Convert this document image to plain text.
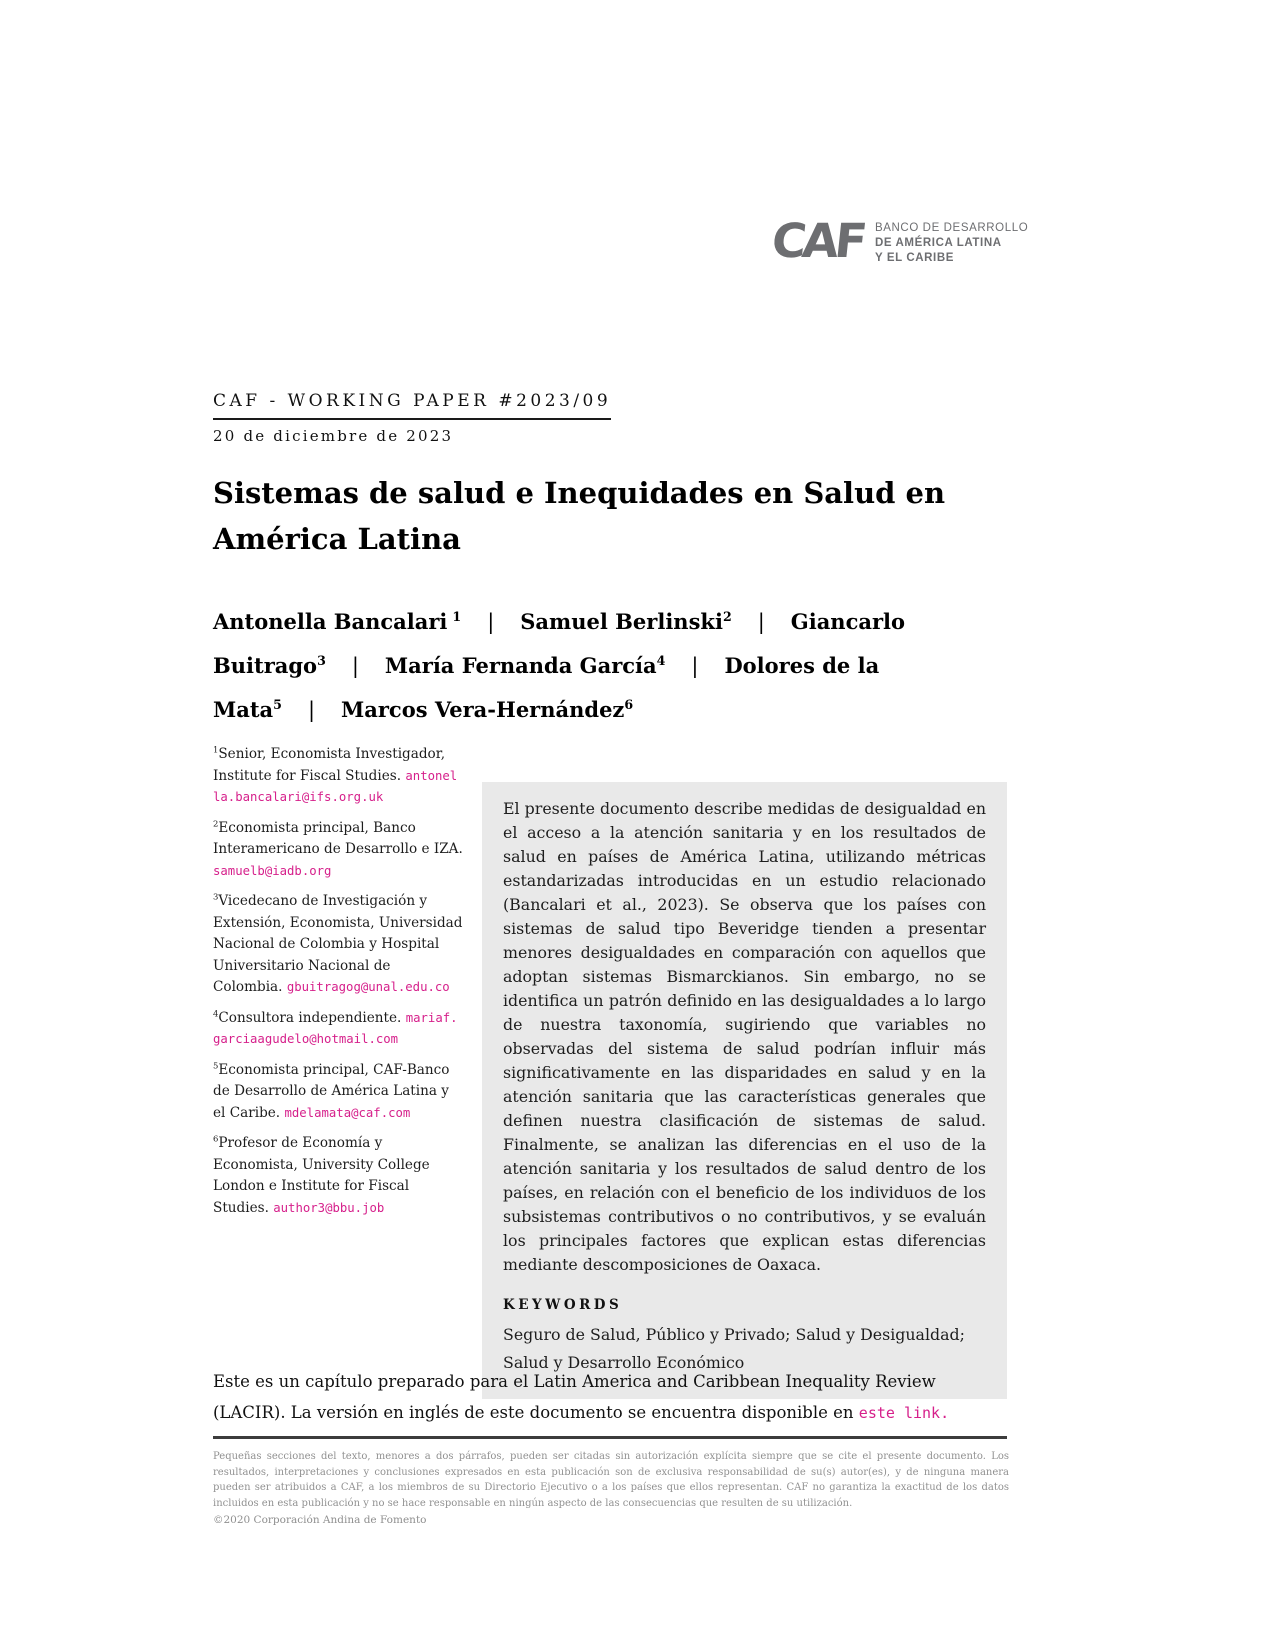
CAF BANCO DE DESARROLLO
DE AMÉRICA LATINA
Y EL CARIBE
CAF - WORKING PAPER #2023/09
20 de diciembre de 2023
Sistemas de salud e Inequidades en Salud en América Latina
Antonella Bancalari $^1$ | Samuel Berlinski$^2$ | Giancarlo Buitrago$^3$ | María Fernanda García$^4$ | Dolores de la Mata$^5$ | Marcos Vera-Hernández$^6$

$^1$Senior, Economista Investigador, Institute for Fiscal Studies. antonella.bancalari@ifs.org.uk

$^2$Economista principal, Banco Interamericano de Desarrollo e IZA. samuelb@iadb.org

$^3$Vicedecano de Investigación y Extensión, Economista, Universidad Nacional de Colombia y Hospital Universitario Nacional de Colombia. gbuitragog@unal.edu.co

$^4$Consultora independiente. mariaf.garciaagudelo@hotmail.com

$^5$Economista principal, CAF-Banco de Desarrollo de América Latina y el Caribe. mdelamata@caf.com

$^6$Profesor de Economía y Economista, University College London e Institute for Fiscal Studies. author3@bbu.job

El presente documento describe medidas de desigualdad en el acceso a la atención sanitaria y en los resultados de salud en países de América Latina, utilizando métricas estandarizadas introducidas en un estudio relacionado (Bancalari et al., 2023). Se observa que los países con sistemas de salud tipo Beveridge tienden a presentar menores desigualdades en comparación con aquellos que adoptan sistemas Bismarckianos. Sin embargo, no se identifica un patrón definido en las desigualdades a lo largo de nuestra taxonomía, sugiriendo que variables no observadas del sistema de salud podrían influir más significativamente en las disparidades en salud y en la atención sanitaria que las características generales que definen nuestra clasificación de sistemas de salud. Finalmente, se analizan las diferencias en el uso de la atención sanitaria y los resultados de salud dentro de los países, en relación con el beneficio de los individuos de los subsistemas contributivos o no contributivos, y se evaluán los principales factores que explican estas diferencias mediante descomposiciones de Oaxaca.

KEYWORDS

Seguro de Salud, Público y Privado; Salud y Desigualdad; Salud y Desarrollo Económico

Este es un capítulo preparado para el Latin America and Caribbean Inequality Review (LACIR). La versión en inglés de este documento se encuentra disponible en este link.

Pequeñas secciones del texto, menores a dos párrafos, pueden ser citadas sin autorización explícita siempre que se cite el presente documento. Los resultados, interpretaciones y conclusiones expresados en esta publicación son de exclusiva responsabilidad de su(s) autor(es), y de ninguna manera pueden ser atribuidos a CAF, a los miembros de su Directorio Ejecutivo o a los países que ellos representan. CAF no garantiza la exactitud de los datos incluidos en esta publicación y no se hace responsable en ningún aspecto de las consecuencias que resulten de su utilización.

©2020 Corporación Andina de Fomento
